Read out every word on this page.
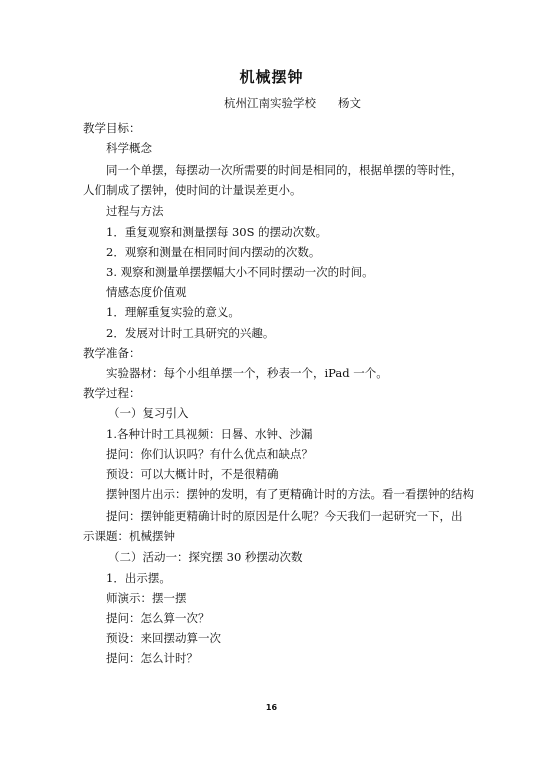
机械摆钟
杭州江南实验学校 杨文
教学目标：
科学概念
同一个单摆，每摆动一次所需要的时间是相同的，根据单摆的等时性，人们制成了摆钟，使时间的计量误差更小。
过程与方法
1．重复观察和测量摆每 30S 的摆动次数。
2．观察和测量在相同时间内摆动的次数。
3. 观察和测量单摆摆幅大小不同时摆动一次的时间。
情感态度价值观
1．理解重复实验的意义。
2．发展对计时工具研究的兴趣。
教学准备：
实验器材：每个小组单摆一个，秒表一个，iPad 一个。
教学过程：
（一）复习引入
1.各种计时工具视频：日晷、水钟、沙漏
提问：你们认识吗？有什么优点和缺点？
预设：可以大概计时，不是很精确
摆钟图片出示：摆钟的发明，有了更精确计时的方法。看一看摆钟的结构
提问：摆钟能更精确计时的原因是什么呢？今天我们一起研究一下，出示课题：机械摆钟
（二）活动一：探究摆 30 秒摆动次数
1．出示摆。
师演示：摆一摆
提问：怎么算一次？
预设：来回摆动算一次
提问：怎么计时？
16
